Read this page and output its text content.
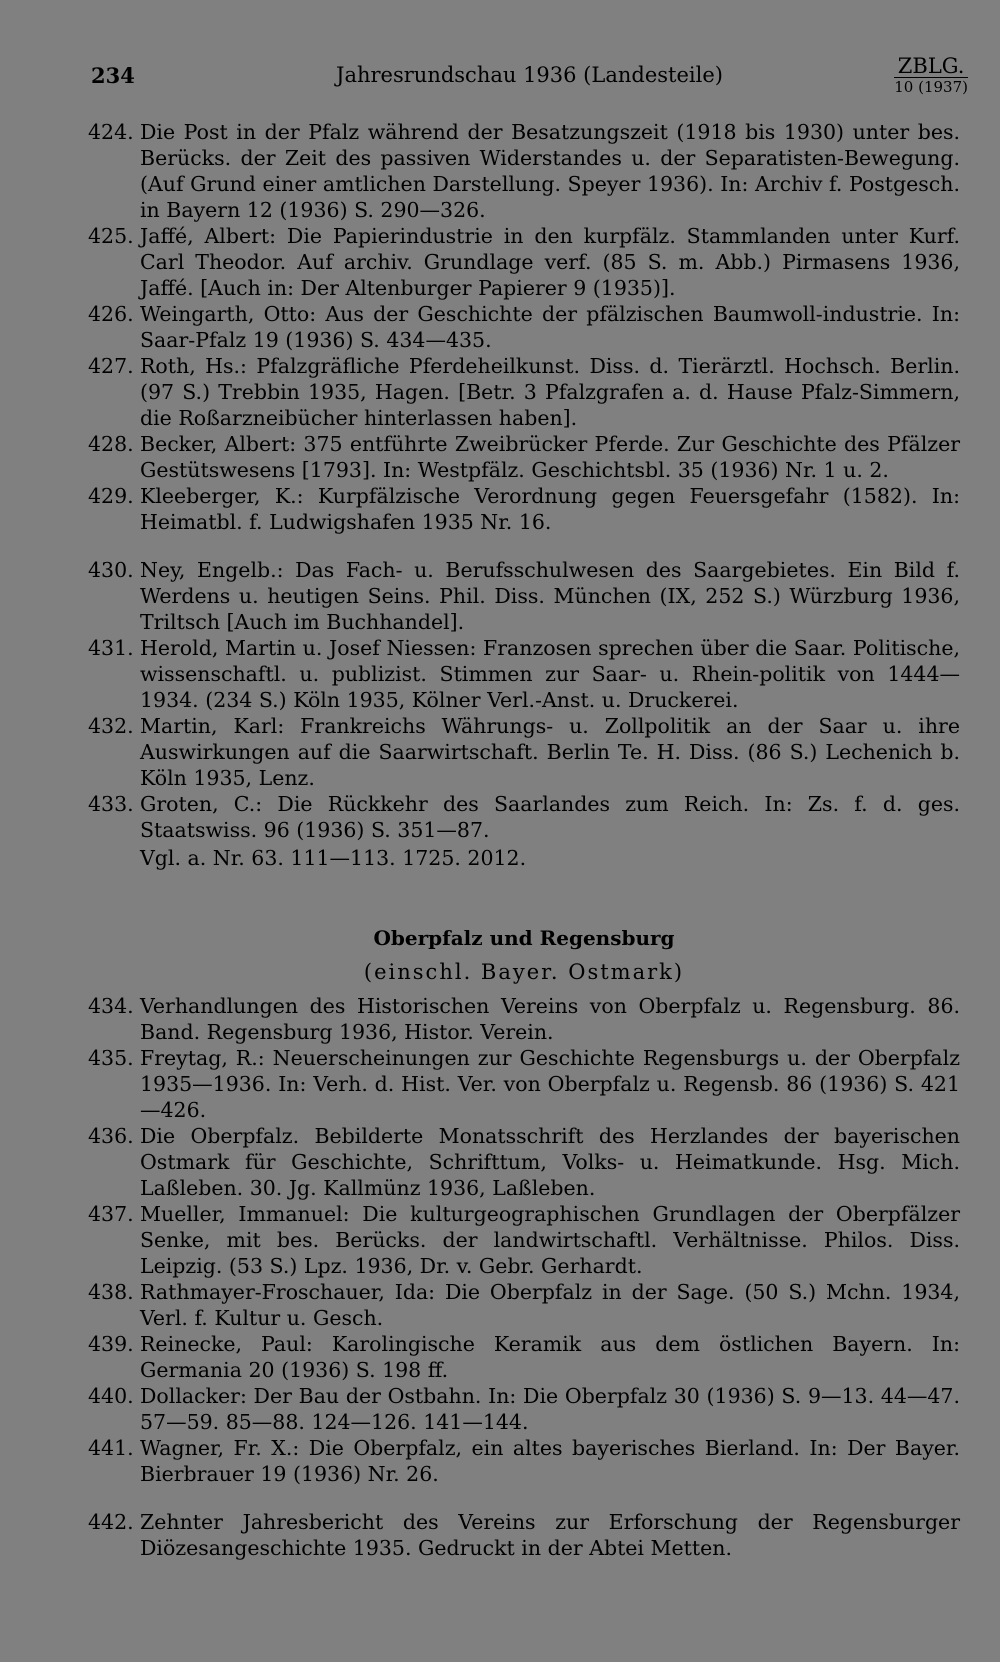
234	Jahresrundschau 1936 (Landesteile)	ZBLG.
10 (1937)
424. Die Post in der Pfalz während der Besatzungszeit (1918 bis 1930) unter bes. Berücks. der Zeit des passiven Widerstandes u. der Separatisten-Bewegung. (Auf Grund einer amtlichen Darstellung. Speyer 1936). In: Archiv f. Postgesch. in Bayern 12 (1936) S. 290—326.
425. Jaffé, Albert: Die Papierindustrie in den kurpfälz. Stammlanden unter Kurf. Carl Theodor. Auf archiv. Grundlage verf. (85 S. m. Abb.) Pirmasens 1936, Jaffé. [Auch in: Der Altenburger Papierer 9 (1935)].
426. Weingarth, Otto: Aus der Geschichte der pfälzischen Baumwoll-industrie. In: Saar-Pfalz 19 (1936) S. 434—435.
427. Roth, Hs.: Pfalzgräfliche Pferdeheilkunst. Diss. d. Tierärztl. Hochsch. Berlin. (97 S.) Trebbin 1935, Hagen. [Betr. 3 Pfalzgrafen a. d. Hause Pfalz-Simmern, die Roßarzneibücher hinterlassen haben].
428. Becker, Albert: 375 entführte Zweibrücker Pferde. Zur Geschichte des Pfälzer Gestütswesens [1793]. In: Westpfälz. Geschichtsbl. 35 (1936) Nr. 1 u. 2.
429. Kleeberger, K.: Kurpfälzische Verordnung gegen Feuersgefahr (1582). In: Heimatbl. f. Ludwigshafen 1935 Nr. 16.
430. Ney, Engelb.: Das Fach- u. Berufsschulwesen des Saargebietes. Ein Bild f. Werdens u. heutigen Seins. Phil. Diss. München (IX, 252 S.) Würzburg 1936, Triltsch [Auch im Buchhandel].
431. Herold, Martin u. Josef Niessen: Franzosen sprechen über die Saar. Politische, wissenschaftl. u. publizist. Stimmen zur Saar- u. Rhein-politik von 1444—1934. (234 S.) Köln 1935, Kölner Verl.-Anst. u. Druckerei.
432. Martin, Karl: Frankreichs Währungs- u. Zollpolitik an der Saar u. ihre Auswirkungen auf die Saarwirtschaft. Berlin Te. H. Diss. (86 S.) Lechenich b. Köln 1935, Lenz.
433. Groten, C.: Die Rückkehr des Saarlandes zum Reich. In: Zs. f. d. ges. Staatswiss. 96 (1936) S. 351—87.
Vgl. a. Nr. 63. 111—113. 1725. 2012.
Oberpfalz und Regensburg
(einschl. Bayer. Ostmark)
434. Verhandlungen des Historischen Vereins von Oberpfalz u. Regensburg. 86. Band. Regensburg 1936, Histor. Verein.
435. Freytag, R.: Neuerscheinungen zur Geschichte Regensburgs u. der Oberpfalz 1935—1936. In: Verh. d. Hist. Ver. von Oberpfalz u. Regensb. 86 (1936) S. 421—426.
436. Die Oberpfalz. Bebilderte Monatsschrift des Herzlandes der bayerischen Ostmark für Geschichte, Schrifttum, Volks- u. Heimatkunde. Hsg. Mich. Laßleben. 30. Jg. Kallmünz 1936, Laßleben.
437. Mueller, Immanuel: Die kulturgeographischen Grundlagen der Oberpfälzer Senke, mit bes. Berücks. der landwirtschaftl. Verhältnisse. Philos. Diss. Leipzig. (53 S.) Lpz. 1936, Dr. v. Gebr. Gerhardt.
438. Rathmayer-Froschauer, Ida: Die Oberpfalz in der Sage. (50 S.) Mchn. 1934, Verl. f. Kultur u. Gesch.
439. Reinecke, Paul: Karolingische Keramik aus dem östlichen Bayern. In: Germania 20 (1936) S. 198 ff.
440. Dollacker: Der Bau der Ostbahn. In: Die Oberpfalz 30 (1936) S. 9—13. 44—47. 57—59. 85—88. 124—126. 141—144.
441. Wagner, Fr. X.: Die Oberpfalz, ein altes bayerisches Bierland. In: Der Bayer. Bierbrauer 19 (1936) Nr. 26.
442. Zehnter Jahresbericht des Vereins zur Erforschung der Regensburger Diözesangeschichte 1935. Gedruckt in der Abtei Metten.
